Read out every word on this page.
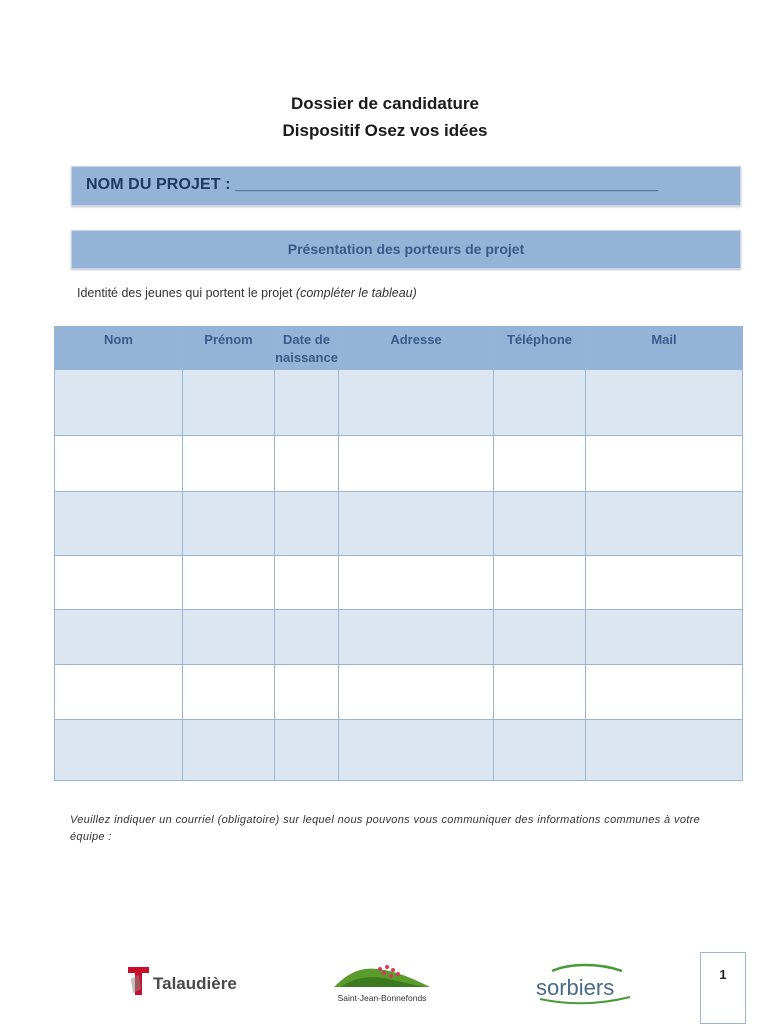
Dossier de candidature
Dispositif Osez vos idées
NOM DU PROJET : _______________________________________________
Présentation des porteurs de projet
Identité des jeunes qui portent le projet (compléter le tableau)
Nom	Prénom	Date de naissance	Adresse	Téléphone	Mail

Veuillez indiquer un courriel (obligatoire) sur lequel nous pouvons vous communiquer des informations communes à votre équipe :
Talaudière
Saint-Jean-Bonnefonds	sorbiers
1
